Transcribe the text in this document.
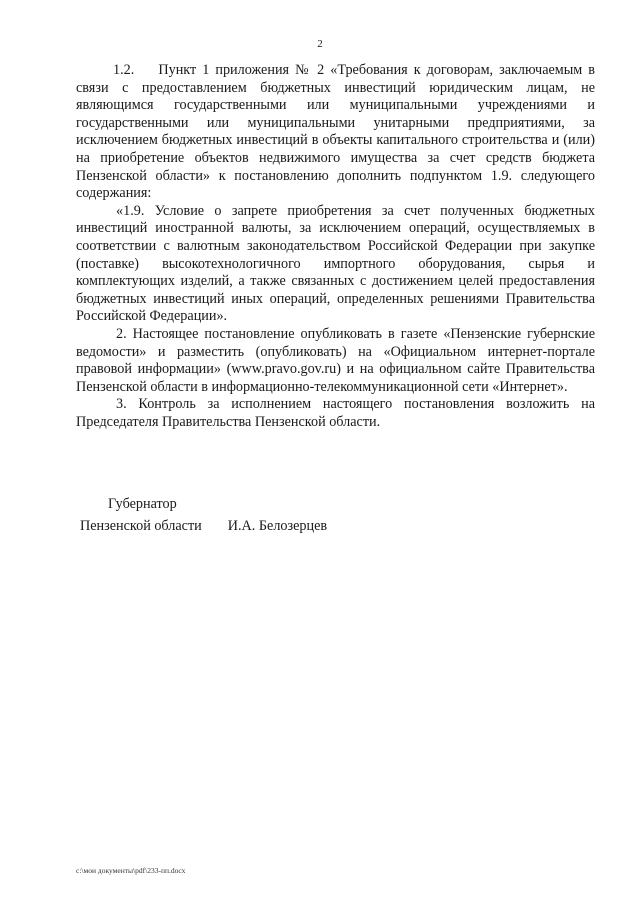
2

1.2.    Пункт 1 приложения № 2 «Требования к договорам, заключаемым в связи с предоставлением бюджетных инвестиций юридическим лицам, не являющимся государственными или муниципальными учреждениями и государственными или муниципальными унитарными предприятиями, за исключением бюджетных инвестиций в объекты капитального строительства и (или) на приобретение объектов недвижимого имущества за счет средств бюджета Пензенской области» к постановлению дополнить подпунктом 1.9. следующего содержания:

«1.9. Условие о запрете приобретения за счет полученных бюджетных инвестиций иностранной валюты, за исключением операций, осуществляемых в соответствии с валютным законодательством Российской Федерации при закупке (поставке) высокотехнологичного импортного оборудования, сырья и комплектующих изделий, а также связанных с достижением целей предоставления бюджетных инвестиций иных операций, определенных решениями Правительства Российской Федерации».

2. Настоящее постановление опубликовать в газете «Пензенские губернские ведомости» и разместить (опубликовать) на «Официальном интернет-портале правовой информации» (www.pravo.gov.ru) и на официальном сайте Правительства Пензенской области в информационно-телекоммуникационной сети «Интернет».

3. Контроль за исполнением настоящего постановления возложить на Председателя Правительства Пензенской области.

Губернатор
Пензенской области И.А. Белозерцев
c:\мои документы\pdf\233-пп.docx
